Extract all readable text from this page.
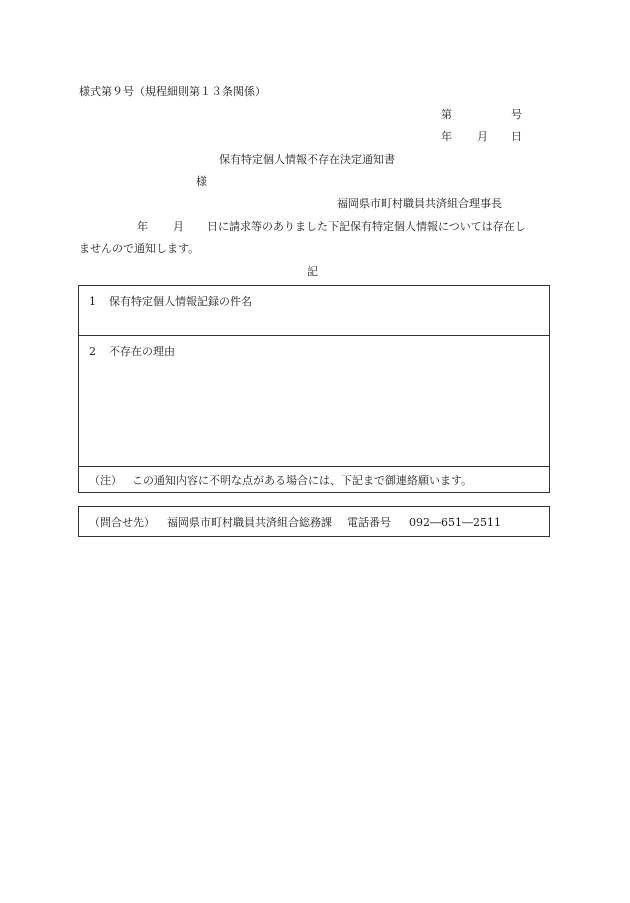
様式第９号（規程細則第１３条関係）
第	号
年 月 日
保有特定個人情報不存在決定通知書
様
福岡県市町村職員共済組合理事長
年 月 日に請求等のありました下記保有特定個人情報については存在し
ませんので通知します。
記
1 保有特定個人情報記録の件名
2 不存在の理由
（注） この通知内容に不明な点がある場合には、下記まで御連絡願います。
（問合せ先） 福岡県市町村職員共済組合総務課 電話番号 092―651―2511
